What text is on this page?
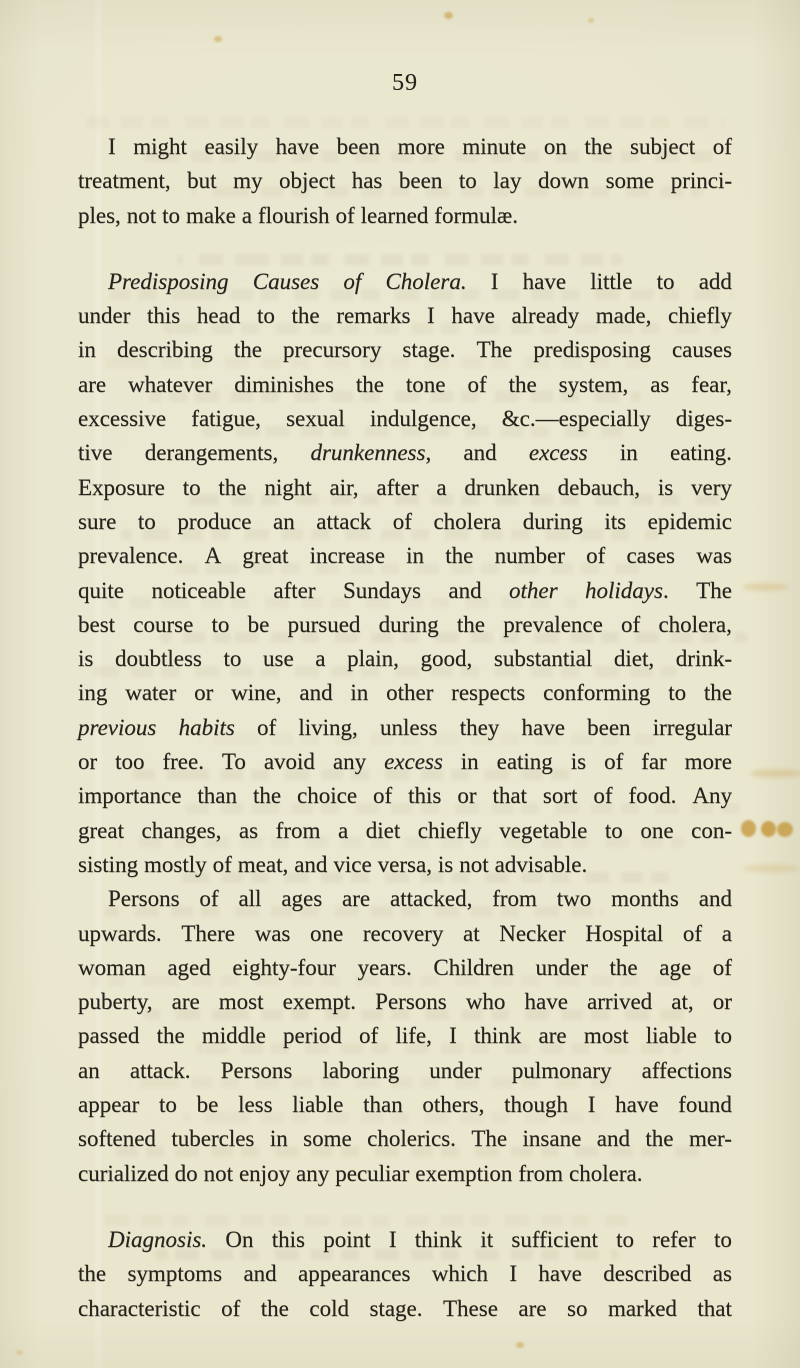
59
I might easily have been more minute on the subject of
treatment, but my object has been to lay down some princi-
ples, not to make a flourish of learned formulæ.
Predisposing Causes of Cholera. I have little to add
under this head to the remarks I have already made, chiefly
in describing the precursory stage. The predisposing causes
are whatever diminishes the tone of the system, as fear,
excessive fatigue, sexual indulgence, &c.—especially diges-
tive derangements, drunkenness, and excess in eating.
Exposure to the night air, after a drunken debauch, is very
sure to produce an attack of cholera during its epidemic
prevalence. A great increase in the number of cases was
quite noticeable after Sundays and other holidays. The
best course to be pursued during the prevalence of cholera,
is doubtless to use a plain, good, substantial diet, drink-
ing water or wine, and in other respects conforming to the
previous habits of living, unless they have been irregular
or too free. To avoid any excess in eating is of far more
importance than the choice of this or that sort of food. Any
great changes, as from a diet chiefly vegetable to one con-
sisting mostly of meat, and vice versa, is not advisable.
Persons of all ages are attacked, from two months and
upwards. There was one recovery at Necker Hospital of a
woman aged eighty-four years. Children under the age of
puberty, are most exempt. Persons who have arrived at, or
passed the middle period of life, I think are most liable to
an attack. Persons laboring under pulmonary affections
appear to be less liable than others, though I have found
softened tubercles in some cholerics. The insane and the mer-
curialized do not enjoy any peculiar exemption from cholera.
Diagnosis. On this point I think it sufficient to refer to
the symptoms and appearances which I have described as
characteristic of the cold stage. These are so marked that
